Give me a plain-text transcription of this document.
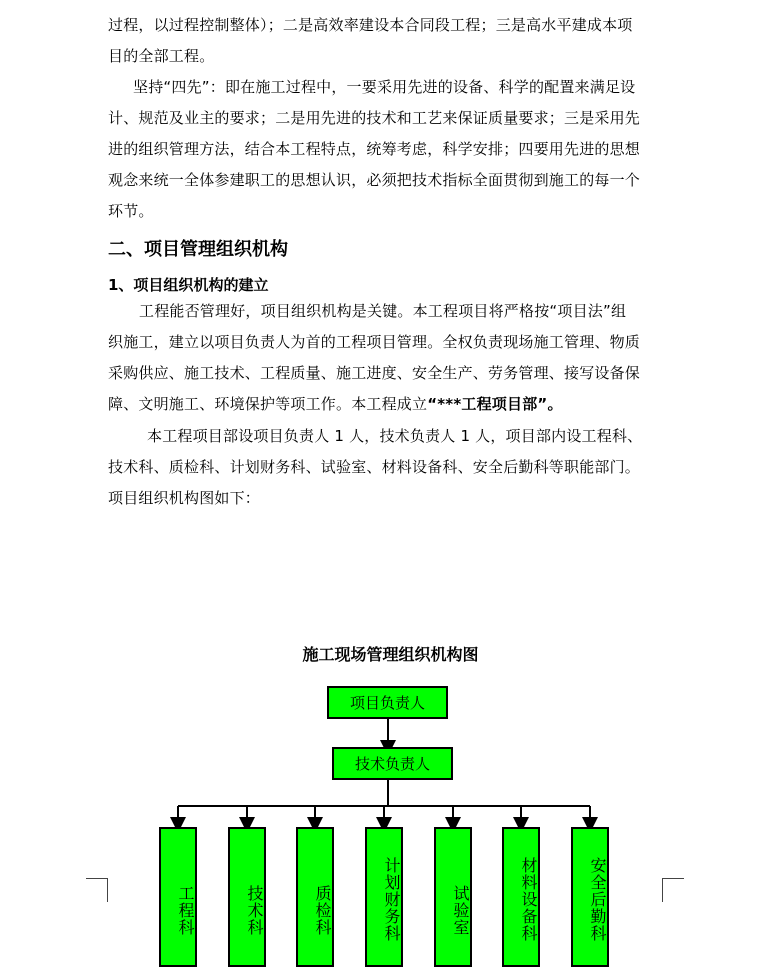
过程，以过程控制整体）；二是高效率建设本合同段工程；三是高水平建成本项
目的全部工程。
坚持“四先”：即在施工过程中，一要采用先进的设备、科学的配置来满足设
计、规范及业主的要求；二是用先进的技术和工艺来保证质量要求；三是采用先
进的组织管理方法，结合本工程特点，统筹考虑，科学安排；四要用先进的思想
观念来统一全体参建职工的思想认识，必须把技术指标全面贯彻到施工的每一个
环节。
二、项目管理组织机构
1、项目组织机构的建立
工程能否管理好，项目组织机构是关键。本工程项目将严格按“项目法”组
织施工，建立以项目负责人为首的工程项目管理。全权负责现场施工管理、物质
采购供应、施工技术、工程质量、施工进度、安全生产、劳务管理、接写设备保
障、文明施工、环境保护等项工作。本工程成立“***工程项目部”。
本工程项目部设项目负责人 1 人，技术负责人 1 人，项目部内设工程科、
技术科、质检科、计划财务科、试验室、材料设备科、安全后勤科等职能部门。
项目组织机构图如下：
施工现场管理组织机构图
项目负责人
技术负责人
工程科	技术科	质检科	计划财务科	试验室	材料设备科	安全后勤科
